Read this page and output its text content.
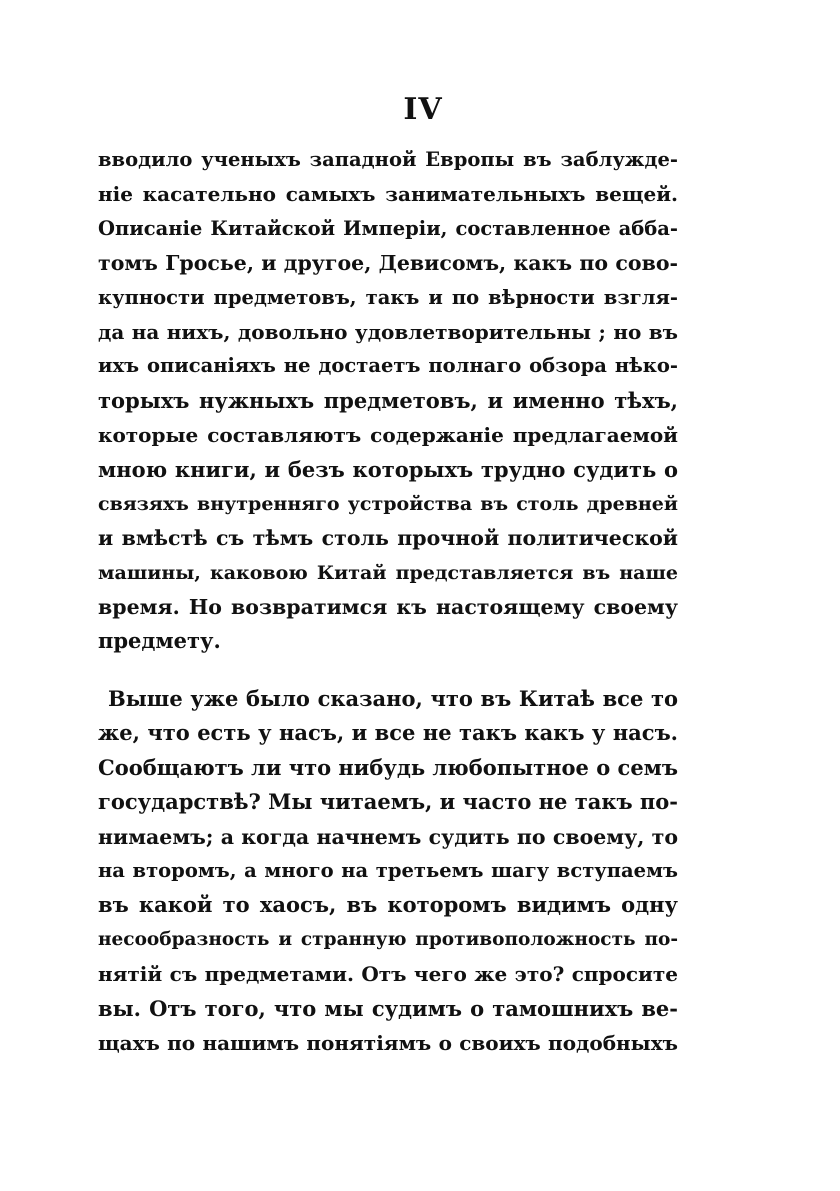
IV
вводило ученыхъ западной Европы въ заблужде-
ніе касательно самыхъ занимательныхъ вещей.
Описаніе Китайской Имперіи, составленное абба-
томъ Гросье, и другое, Девисомъ, какъ по сово-
купности предметовъ, такъ и по вѣрности взгля-
да на нихъ, довольно удовлетворительны ; но въ
ихъ описаніяхъ не достаетъ полнаго обзора нѣко-
торыхъ нужныхъ предметовъ, и именно тѣхъ,
которые составляютъ содержаніе предлагаемой
мною книги, и безъ которыхъ трудно судить о
связяхъ внутренняго устройства въ столь древней
и вмѣстѣ съ тѣмъ столь прочной политической
машины, каковою Китай представляется въ наше
время. Но возвратимся къ настоящему своему
предмету.
Выше уже было сказано, что въ Китаѣ все то
же, что есть у насъ, и все не такъ какъ у насъ.
Сообщаютъ ли что нибудь любопытное о семъ
государствѣ? Мы читаемъ, и часто не такъ по-
нимаемъ; а когда начнемъ судить по своему, то
на второмъ, а много на третьемъ шагу вступаемъ
въ какой то хаосъ, въ которомъ видимъ одну
несообразность и странную противоположность по-
нятій съ предметами. Отъ чего же это? спросите
вы. Отъ того, что мы судимъ о тамошнихъ ве-
щахъ по нашимъ понятіямъ о своихъ подобныхъ
